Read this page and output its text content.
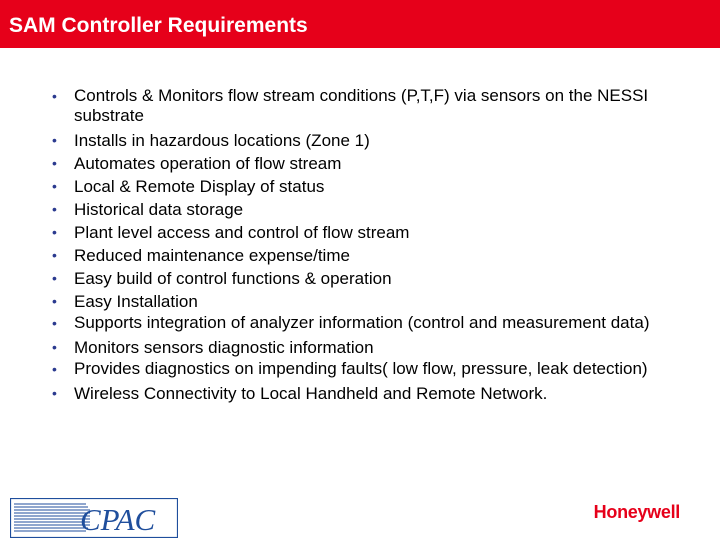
SAM Controller Requirements
• Controls & Monitors flow stream conditions (P,T,F) via sensors on the NESSI substrate
• Installs in hazardous locations (Zone 1)
• Automates operation of flow stream
• Local & Remote Display of status
• Historical data storage
• Plant level access and control of flow stream
• Reduced maintenance expense/time
• Easy build of control functions & operation
• Easy Installation
• Supports integration of analyzer information (control and measurement data)
• Monitors sensors diagnostic information
• Provides diagnostics on impending faults( low flow, pressure, leak detection)
• Wireless Connectivity to Local Handheld and Remote Network.
CPAC	Honeywell
